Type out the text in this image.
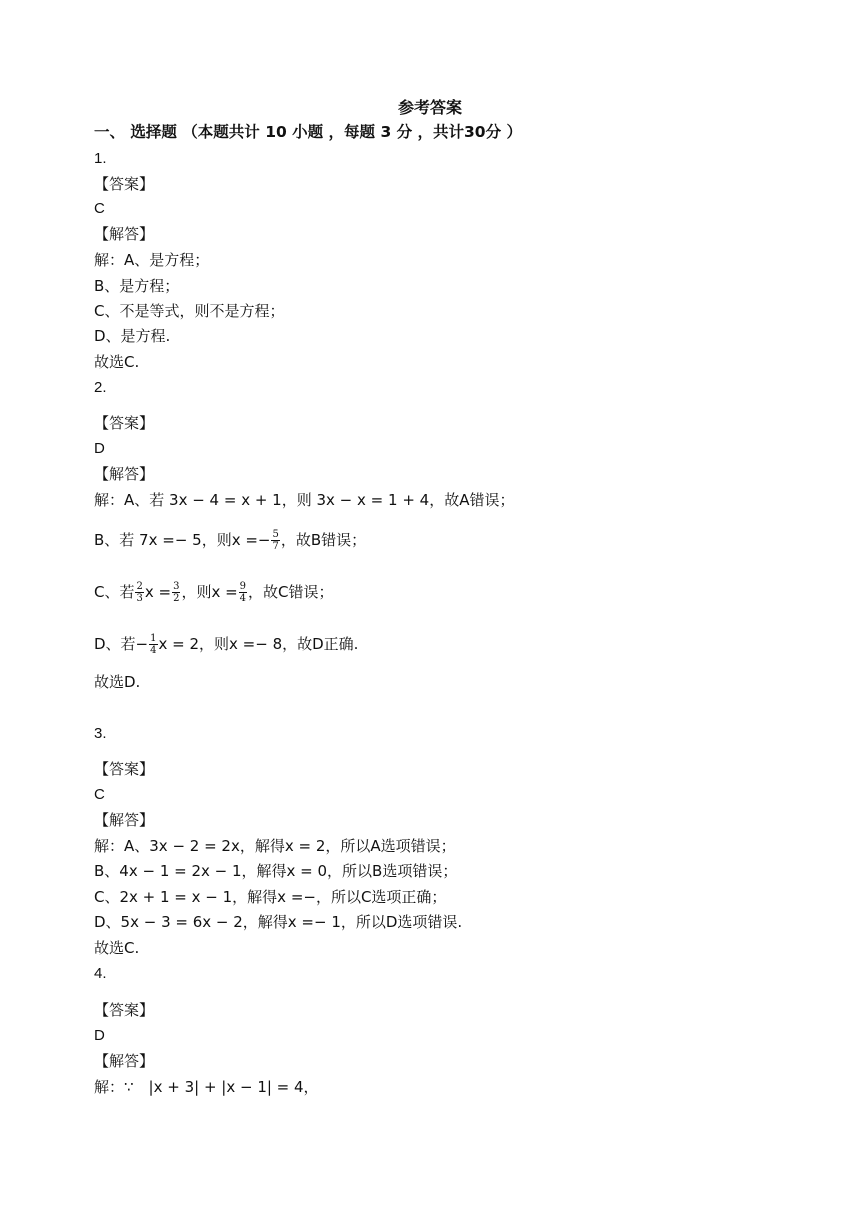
参考答案
一、 选择题 （本题共计 10 小题 ，每题 3 分 ，共计30分 ）
1.
【答案】
C
【解答】
解：A、是方程；
B、是方程；
C、不是等式，则不是方程；
D、是方程.
故选C.
2.
【答案】
D
【解答】
解：A、若 3x − 4 = x + 1，则 3x − x = 1 + 4，故A错误；
B、若 7x =− 5，则$x =- \frac{5}{7}$ ，故B错误；
C、若 $\frac{2}{3}$ $x = \frac{3}{2}$ ，则$x = \frac{9}{4}$ ，故C错误；
D、若− $\frac{1}{4}$ x = 2，则x =− 8，故D正确.
故选D.
3.
【答案】
C
【解答】
解：A、3x − 2 = 2x，解得x = 2，所以A选项错误；
B、4x − 1 = 2x − 1，解得x = 0，所以B选项错误；
C、2x + 1 = x − 1，解得x =−，所以C选项正确；
D、5x − 3 = 6x − 2，解得x =− 1，所以D选项错误.
故选C.
4.
【答案】
D
【解答】
解：∵　|x + 3| + |x − 1| = 4，
